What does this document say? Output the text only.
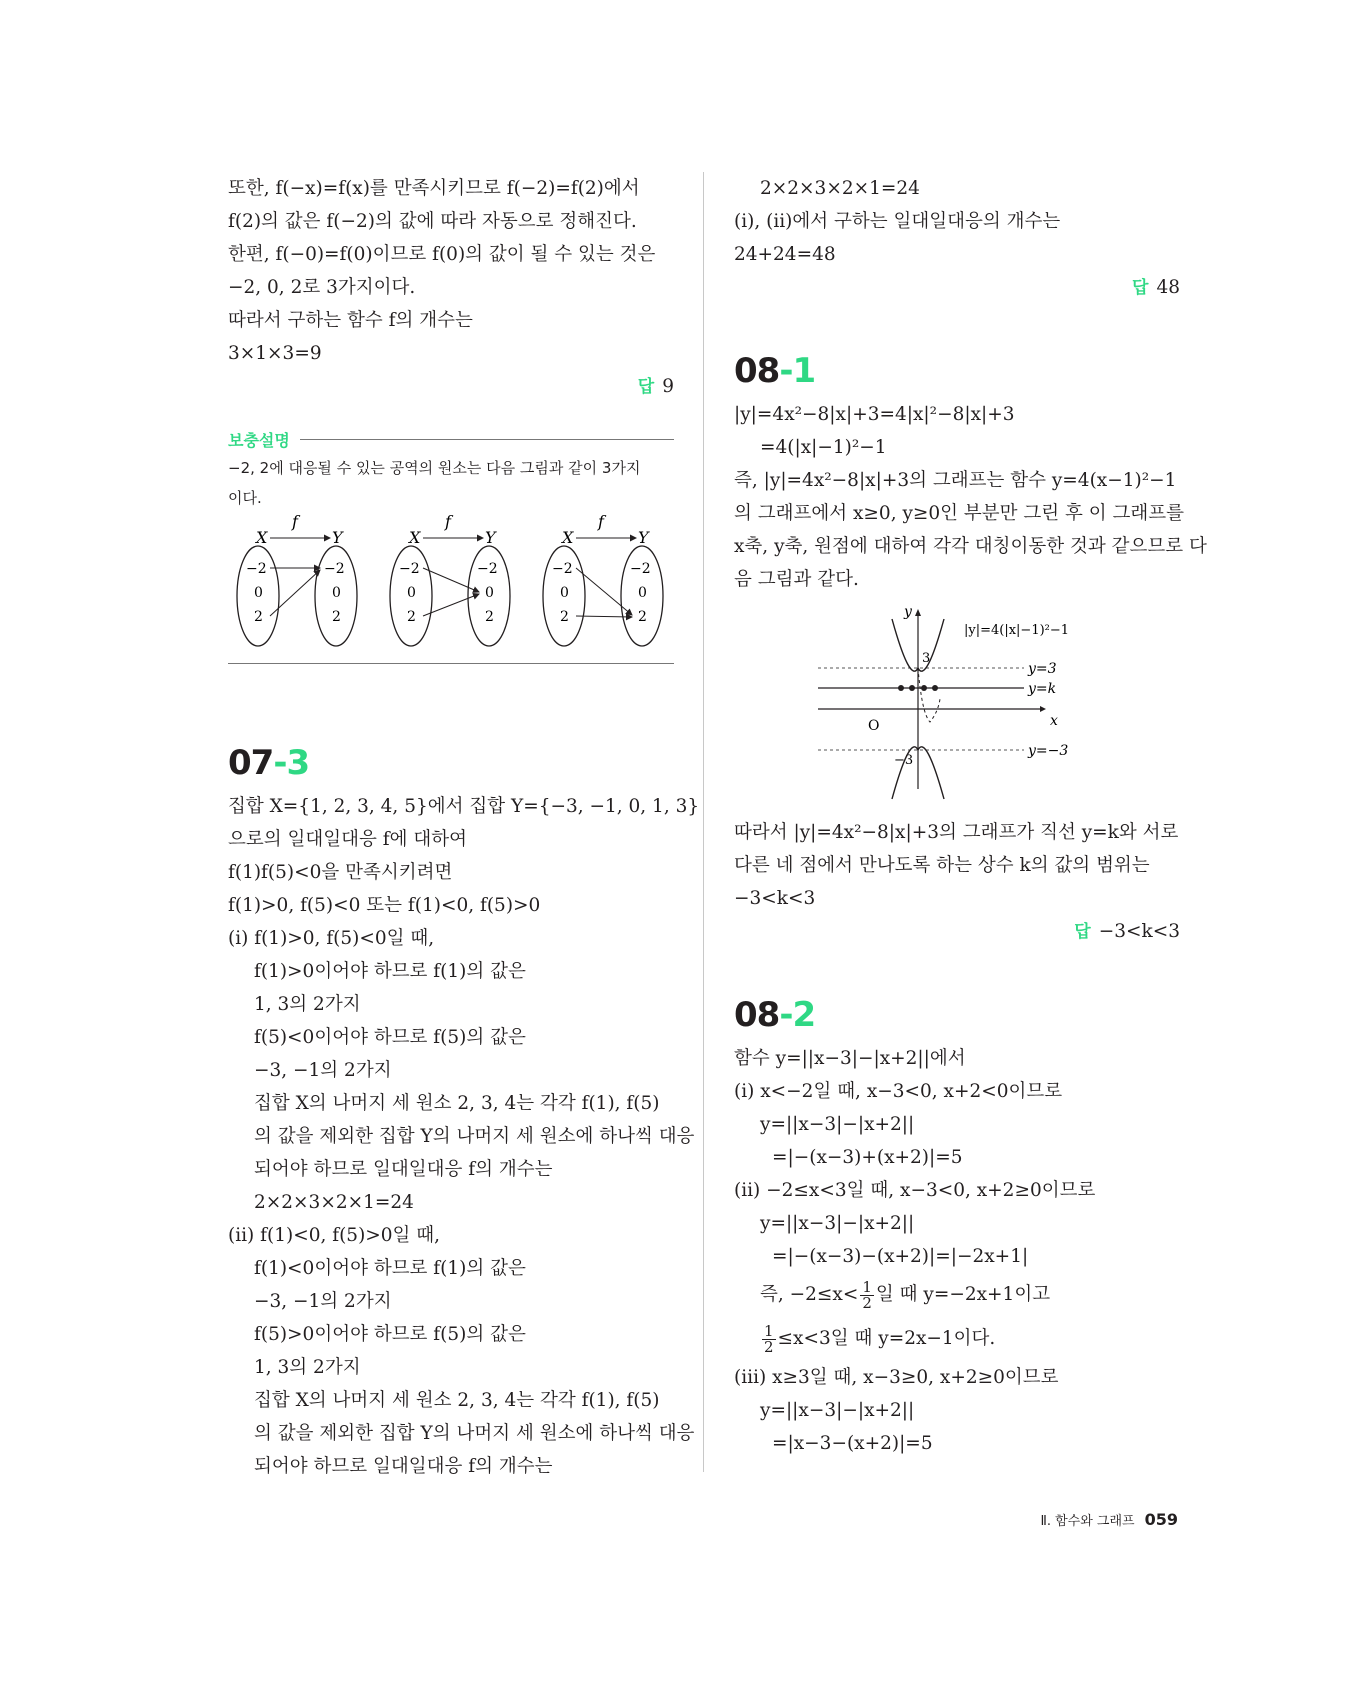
또한, f(−x)=f(x)를 만족시키므로 f(−2)=f(2)에서
f(2)의 값은 f(−2)의 값에 따라 자동으로 정해진다.
한편, f(−0)=f(0)이므로 f(0)의 값이 될 수 있는 것은
−2, 0, 2로 3가지이다.
따라서 구하는 함수 f의 개수는
3×1×3=9
답 9
보충설명
−2, 2에 대응될 수 있는 공역의 원소는 다음 그림과 같이 3가지
이다.
X	Y
f
−2
0
2
−2
0
2
X	Y
f
−2
0
2
−2
0
2
X	Y
f
−2
0
2
−2
0
2
07-3
집합 X={1, 2, 3, 4, 5}에서 집합 Y={−3, −1, 0, 1, 3}
으로의 일대일대응 f에 대하여
f(1)f(5)<0을 만족시키려면
f(1)>0, f(5)<0 또는 f(1)<0, f(5)>0
(ⅰ) f(1)>0, f(5)<0일 때,
f(1)>0이어야 하므로 f(1)의 값은
1, 3의 2가지
f(5)<0이어야 하므로 f(5)의 값은
−3, −1의 2가지
집합 X의 나머지 세 원소 2, 3, 4는 각각 f(1), f(5)
의 값을 제외한 집합 Y의 나머지 세 원소에 하나씩 대응
되어야 하므로 일대일대응 f의 개수는
2×2×3×2×1=24
(ⅱ) f(1)<0, f(5)>0일 때,
f(1)<0이어야 하므로 f(1)의 값은
−3, −1의 2가지
f(5)>0이어야 하므로 f(5)의 값은
1, 3의 2가지
집합 X의 나머지 세 원소 2, 3, 4는 각각 f(1), f(5)
의 값을 제외한 집합 Y의 나머지 세 원소에 하나씩 대응
되어야 하므로 일대일대응 f의 개수는
2×2×3×2×1=24
(ⅰ), (ⅱ)에서 구하는 일대일대응의 개수는
24+24=48
답 48
08-1
|y|=4x²−8|x|+3=4|x|²−8|x|+3
=4(|x|−1)²−1
즉, |y|=4x²−8|x|+3의 그래프는 함수 y=4(x−1)²−1
의 그래프에서 x≥0, y≥0인 부분만 그린 후 이 그래프를
x축, y축, 원점에 대하여 각각 대칭이동한 것과 같으므로 다
음 그림과 같다.
x
y
O
y=3
y=k
y=−3
3
−3
|y|=4(|x|−1)²−1
따라서 |y|=4x²−8|x|+3의 그래프가 직선 y=k와 서로
다른 네 점에서 만나도록 하는 상수 k의 값의 범위는
−3<k<3
답 −3<k<3
08-2
함수 y=||x−3|−|x+2||에서
(ⅰ) x<−2일 때, x−3<0, x+2<0이므로
y=||x−3|−|x+2||
=|−(x−3)+(x+2)|=5
(ⅱ) −2≤x<3일 때, x−3<0, x+2≥0이므로
y=||x−3|−|x+2||
=|−(x−3)−(x+2)|=|−2x+1|
즉, $-2\le x< \frac{1}{2}$ 일 때 y=−2x+1이고
$\frac{1}{2} \le x<3$일 때 y=2x−1이다.
(ⅲ) x≥3일 때, x−3≥0, x+2≥0이므로
y=||x−3|−|x+2||
=|x−3−(x+2)|=5
Ⅱ. 함수와 그래프 059
